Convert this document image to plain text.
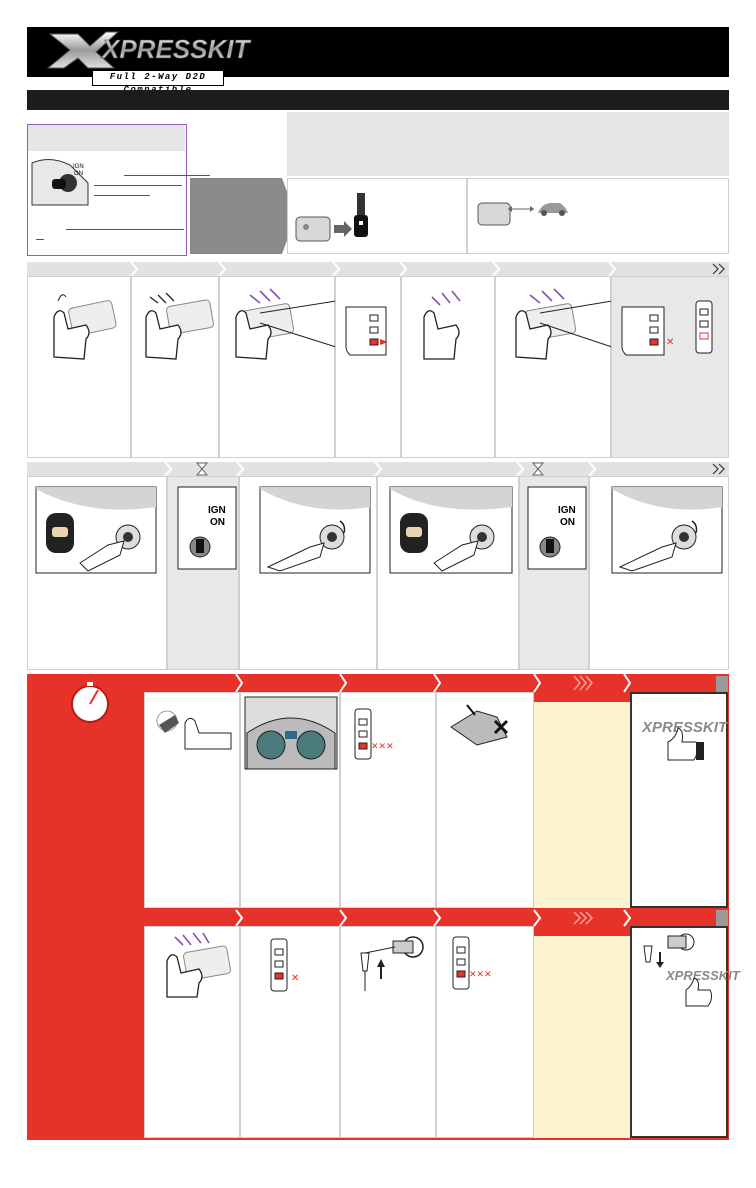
XPRESSKIT
Full 2-Way D2D
IGN
ON
✕
IGN
ON
IGN
ON
✕✕✕
XPRESSKIT
✕	✕✕✕	XPRESSKIT
